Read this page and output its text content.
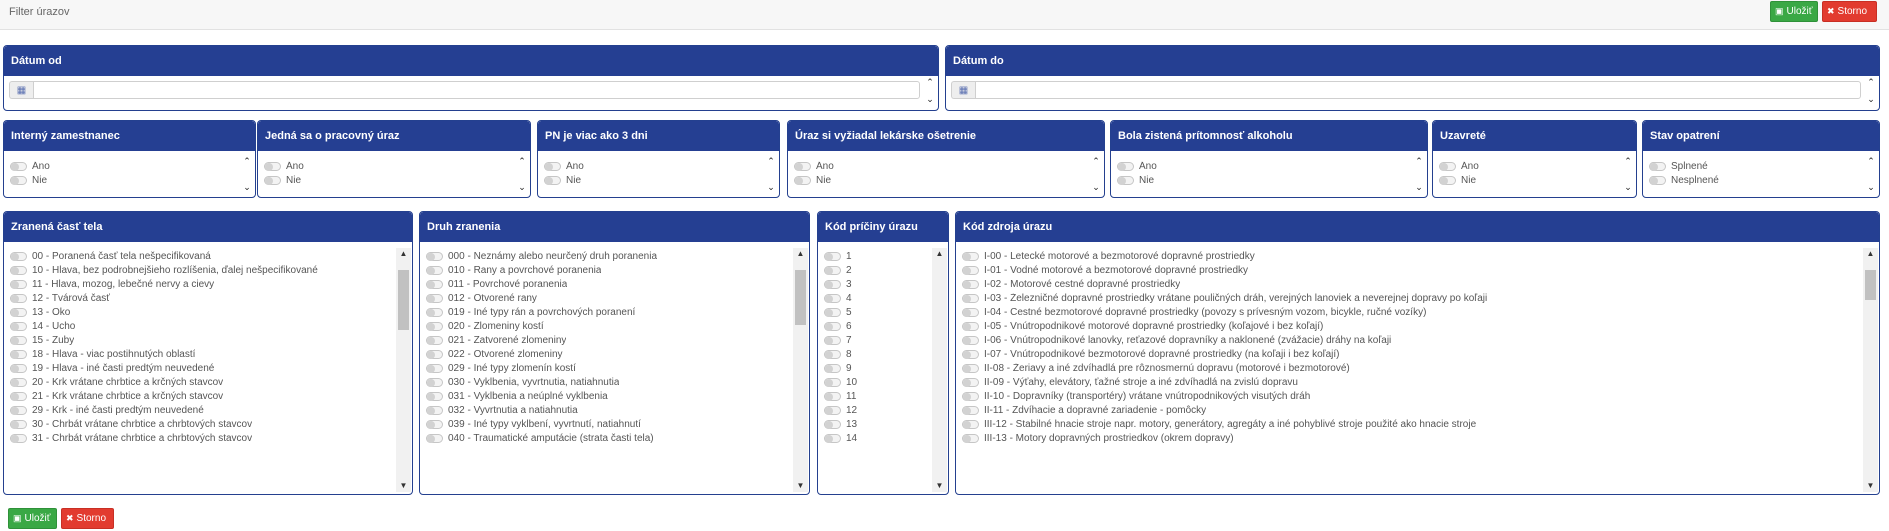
Filter úrazov	▣ Uložiť ✖ Storno
Dátum od
▦
⌃
⌄
Dátum do
▦
⌃
⌄
Interný zamestnanec
Áno
Nie
⌃
⌄
Jedná sa o pracovný úraz
Áno
Nie
⌃
⌄
PN je viac ako 3 dni
Áno
Nie
⌃
⌄
Úraz si vyžiadal lekárske ošetrenie
Áno
Nie
⌃
⌄
Bola zistená prítomnosť alkoholu
Áno
Nie
⌃
⌄
Uzavreté
Áno
Nie
⌃
⌄
Stav opatrení
Splnené
Nesplnené
⌃
⌄
Zranená časť tela
00 - Poranená časť tela nešpecifikovaná
10 - Hlava, bez podrobnejšieho rozlíšenia, ďalej nešpecifikované
11 - Hlava, mozog, lebečné nervy a cievy
12 - Tvárová časť
13 - Oko
14 - Ucho
15 - Zuby
18 - Hlava - viac postihnutých oblastí
19 - Hlava - iné časti predtým neuvedené
20 - Krk vrátane chrbtice a krčných stavcov
21 - Krk vrátane chrbtice a krčných stavcov
29 - Krk - iné časti predtým neuvedené
30 - Chrbát vrátane chrbtice a chrbtových stavcov
31 - Chrbát vrátane chrbtice a chrbtových stavcov
▲
▼
Druh zranenia
000 - Neznámy alebo neurčený druh poranenia
010 - Rany a povrchové poranenia
011 - Povrchové poranenia
012 - Otvorené rany
019 - Iné typy rán a povrchových poranení
020 - Zlomeniny kostí
021 - Zatvorené zlomeniny
022 - Otvorené zlomeniny
029 - Iné typy zlomenín kostí
030 - Vykĺbenia, vyvrtnutia, natiahnutia
031 - Vykĺbenia a neúplné vykĺbenia
032 - Vyvrtnutia a natiahnutia
039 - Iné typy vykĺbení, vyvrtnutí, natiahnutí
040 - Traumatické amputácie (strata časti tela)
▲
▼
Kód príčiny úrazu
1
2
3
4
5
6
7
8
9
10
11
12
13
14
▲
▼
Kód zdroja úrazu
I-00 - Letecké motorové a bezmotorové dopravné prostriedky
I-01 - Vodné motorové a bezmotorové dopravné prostriedky
I-02 - Motorové cestné dopravné prostriedky
I-03 - Železničné dopravné prostriedky vrátane pouličných dráh, verejných lanoviek a neverejnej dopravy po koľaji
I-04 - Cestné bezmotorové dopravné prostriedky (povozy s prívesným vozom, bicykle, ručné vozíky)
I-05 - Vnútropodnikové motorové dopravné prostriedky (koľajové i bez koľají)
I-06 - Vnútropodnikové lanovky, reťazové dopravníky a naklonené (zvážacie) dráhy na koľaji
I-07 - Vnútropodnikové bezmotorové dopravné prostriedky (na koľaji i bez koľají)
II-08 - Žeriavy a iné zdvíhadlá pre rôznosmernú dopravu (motorové i bezmotorové)
II-09 - Výťahy, elevátory, ťažné stroje a iné zdvíhadlá na zvislú dopravu
II-10 - Dopravníky (transportéry) vrátane vnútropodnikových visutých dráh
II-11 - Zdvíhacie a dopravné zariadenie - pomôcky
III-12 - Stabilné hnacie stroje napr. motory, generátory, agregáty a iné pohyblivé stroje použité ako hnacie stroje
III-13 - Motory dopravných prostriedkov (okrem dopravy)
▲
▼
▣ Uložiť ✖ Storno
